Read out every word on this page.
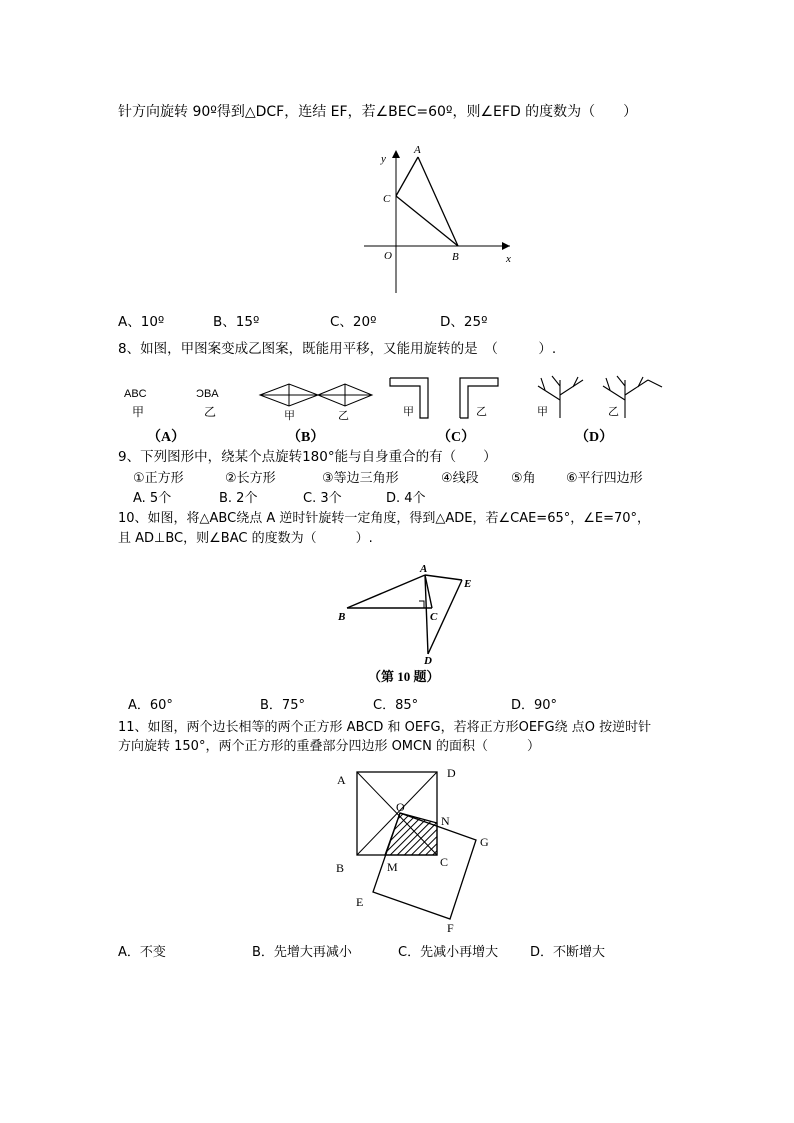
针方向旋转 90º得到△DCF，连结 EF，若∠BEC=60º，则∠EFD 的度数为（　　）
y
A
C
O	B	x
A、10º	B、15º	C、20º	D、25º
8、如图，甲图案变成乙图案，既能用平移，又能用旋转的是　（　　　）.
ABC
甲
ƆBA
乙
（A）
甲	乙
（B）
甲	乙
（C）
甲	乙
（D）
9、下列图形中，绕某个点旋转180°能与自身重合的有（　　）
①正方形	②长方形	③等边三角形	④线段 ⑤角 ⑥平行四边形
A. 5个	B. 2个	C. 3个	D. 4个
10、如图，将△ABC绕点 A 逆时针旋转一定角度，得到△ADE，若∠CAE=65°，∠E=70°，
且 AD⊥BC，则∠BAC 的度数为（　　　）.
A
E
B	C
D
（第 10 题）
A．60°	B．75°	C．85°	D．90°
11、如图，两个边长相等的两个正方形 ABCD 和 OEFG，若将正方形OEFG绕 点O 按逆时针
方向旋转 150°，两个正方形的重叠部分四边形 OMCN 的面积（　　　）
A	D
O
N
G
B	M	C
E
F
A．不变	B．先增大再减小	C．先减小再增大 D．不断增大
